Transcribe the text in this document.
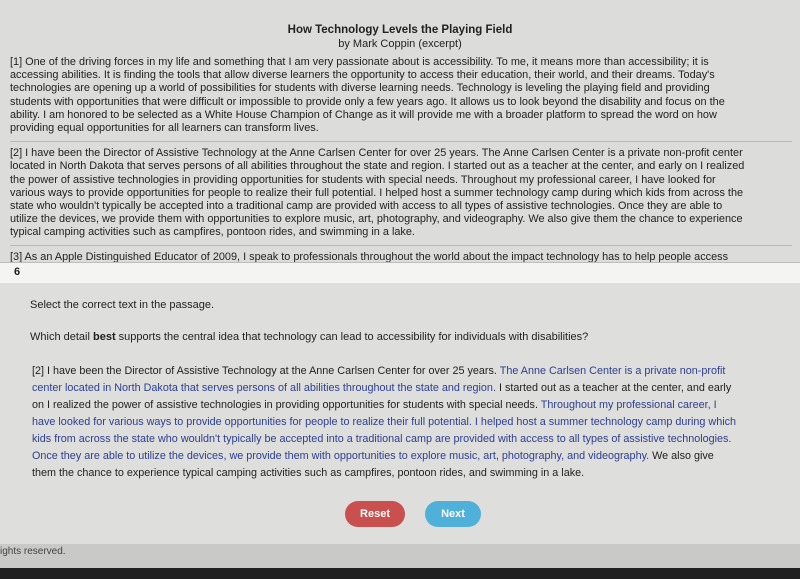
How Technology Levels the Playing Field
by Mark Coppin (excerpt)
[1] One of the driving forces in my life and something that I am very passionate about is accessibility. To me, it means more than accessibility; it is
accessing abilities. It is finding the tools that allow diverse learners the opportunity to access their education, their world, and their dreams. Today's
technologies are opening up a world of possibilities for students with diverse learning needs. Technology is leveling the playing field and providing
students with opportunities that were difficult or impossible to provide only a few years ago. It allows us to look beyond the disability and focus on the
ability. I am honored to be selected as a White House Champion of Change as it will provide me with a broader platform to spread the word on how
providing equal opportunities for all learners can transform lives.
[2] I have been the Director of Assistive Technology at the Anne Carlsen Center for over 25 years. The Anne Carlsen Center is a private non-profit center
located in North Dakota that serves persons of all abilities throughout the state and region. I started out as a teacher at the center, and early on I realized
the power of assistive technologies in providing opportunities for students with special needs. Throughout my professional career, I have looked for
various ways to provide opportunities for people to realize their full potential. I helped host a summer technology camp during which kids from across the
state who wouldn't typically be accepted into a traditional camp are provided with access to all types of assistive technologies. Once they are able to
utilize the devices, we provide them with opportunities to explore music, art, photography, and videography. We also give them the chance to experience
typical camping activities such as campfires, pontoon rides, and swimming in a lake.
[3] As an Apple Distinguished Educator of 2009, I speak to professionals throughout the world about the impact technology has to help people access
6
Select the correct text in the passage.
Which detail best supports the central idea that technology can lead to accessibility for individuals with disabilities?
[2] I have been the Director of Assistive Technology at the Anne Carlsen Center for over 25 years. The Anne Carlsen Center is a private non-profit
center located in North Dakota that serves persons of all abilities throughout the state and region. I started out as a teacher at the center, and early
on I realized the power of assistive technologies in providing opportunities for students with special needs. Throughout my professional career, I
have looked for various ways to provide opportunities for people to realize their full potential. I helped host a summer technology camp during which
kids from across the state who wouldn't typically be accepted into a traditional camp are provided with access to all types of assistive technologies.
Once they are able to utilize the devices, we provide them with opportunities to explore music, art, photography, and videography. We also give
them the chance to experience typical camping activities such as campfires, pontoon rides, and swimming in a lake.
Reset	Next
ights reserved.
